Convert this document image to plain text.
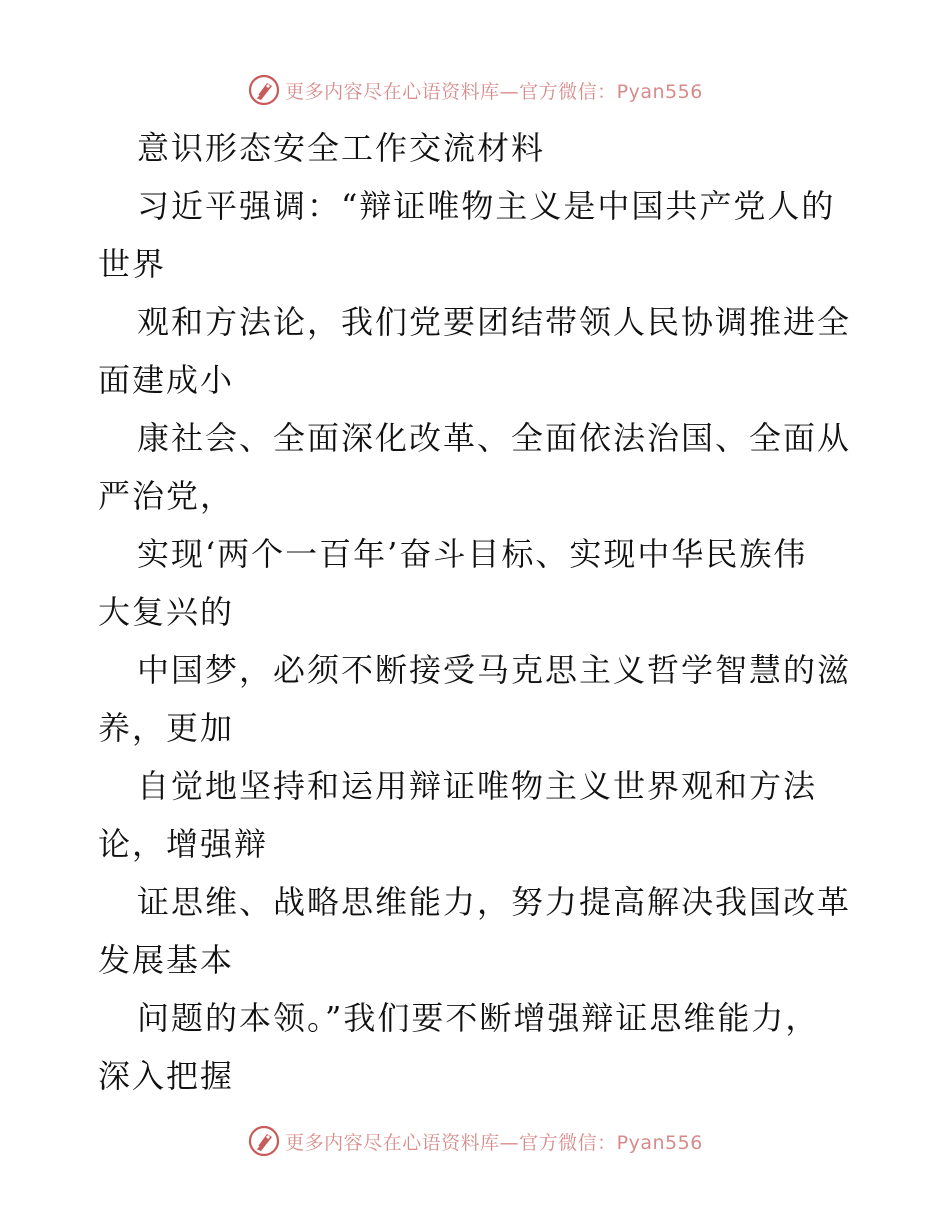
更多内容尽在心语资料库—官方微信：Pyan556
意识形态安全工作交流材料
习近平强调：“辩证唯物主义是中国共产党人的
世界
观和方法论，我们党要团结带领人民协调推进全
面建成小
康社会、全面深化改革、全面依法治国、全面从
严治党，
实现‘两个一百年’奋斗目标、实现中华民族伟
大复兴的
中国梦，必须不断接受马克思主义哲学智慧的滋
养，更加
自觉地坚持和运用辩证唯物主义世界观和方法
论，增强辩
证思维、战略思维能力，努力提高解决我国改革
发展基本
问题的本领。”我们要不断增强辩证思维能力，
深入把握
更多内容尽在心语资料库—官方微信：Pyan556
